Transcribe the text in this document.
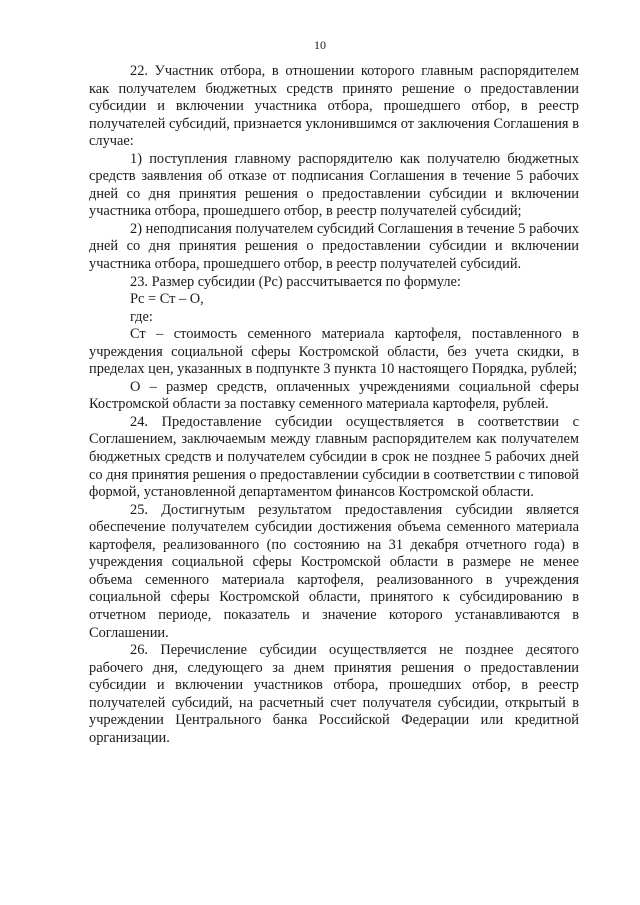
10

22. Участник отбора, в отношении которого главным распорядителем как получателем бюджетных средств принято решение о предоставлении субсидии и включении участника отбора, прошедшего отбор, в реестр получателей субсидий, признается уклонившимся от заключения Соглашения в случае:

1) поступления главному распорядителю как получателю бюджетных средств заявления об отказе от подписания Соглашения в течение 5 рабочих дней со дня принятия решения о предоставлении субсидии и включении участника отбора, прошедшего отбор, в реестр получателей субсидий;

2) неподписания получателем субсидий Соглашения в течение 5 рабочих дней со дня принятия решения о предоставлении субсидии и включении участника отбора, прошедшего отбор, в реестр получателей субсидий.

23. Размер субсидии (Рс) рассчитывается по формуле:

Рс = Ст – О,

где:

Ст – стоимость семенного материала картофеля, поставленного в учреждения социальной сферы Костромской области, без учета скидки, в пределах цен, указанных в подпункте 3 пункта 10 настоящего Порядка, рублей;

О – размер средств, оплаченных учреждениями социальной сферы Костромской области за поставку семенного материала картофеля, рублей.

24. Предоставление субсидии осуществляется в соответствии с Соглашением, заключаемым между главным распорядителем как получателем бюджетных средств и получателем субсидии в срок не позднее 5 рабочих дней со дня принятия решения о предоставлении субсидии в соответствии с типовой формой, установленной департаментом финансов Костромской области.

25. Достигнутым результатом предоставления субсидии является обеспечение получателем субсидии достижения объема семенного материала картофеля, реализованного (по состоянию на 31 декабря отчетного года) в учреждения социальной сферы Костромской области в размере не менее объема семенного материала картофеля, реализованного в учреждения социальной сферы Костромской области, принятого к субсидированию в отчетном периоде, показатель и значение которого устанавливаются в Соглашении.

26. Перечисление субсидии осуществляется не позднее десятого рабочего дня, следующего за днем принятия решения о предоставлении субсидии и включении участников отбора, прошедших отбор, в реестр получателей субсидий, на расчетный счет получателя субсидии, открытый в учреждении Центрального банка Российской Федерации или кредитной организации.
